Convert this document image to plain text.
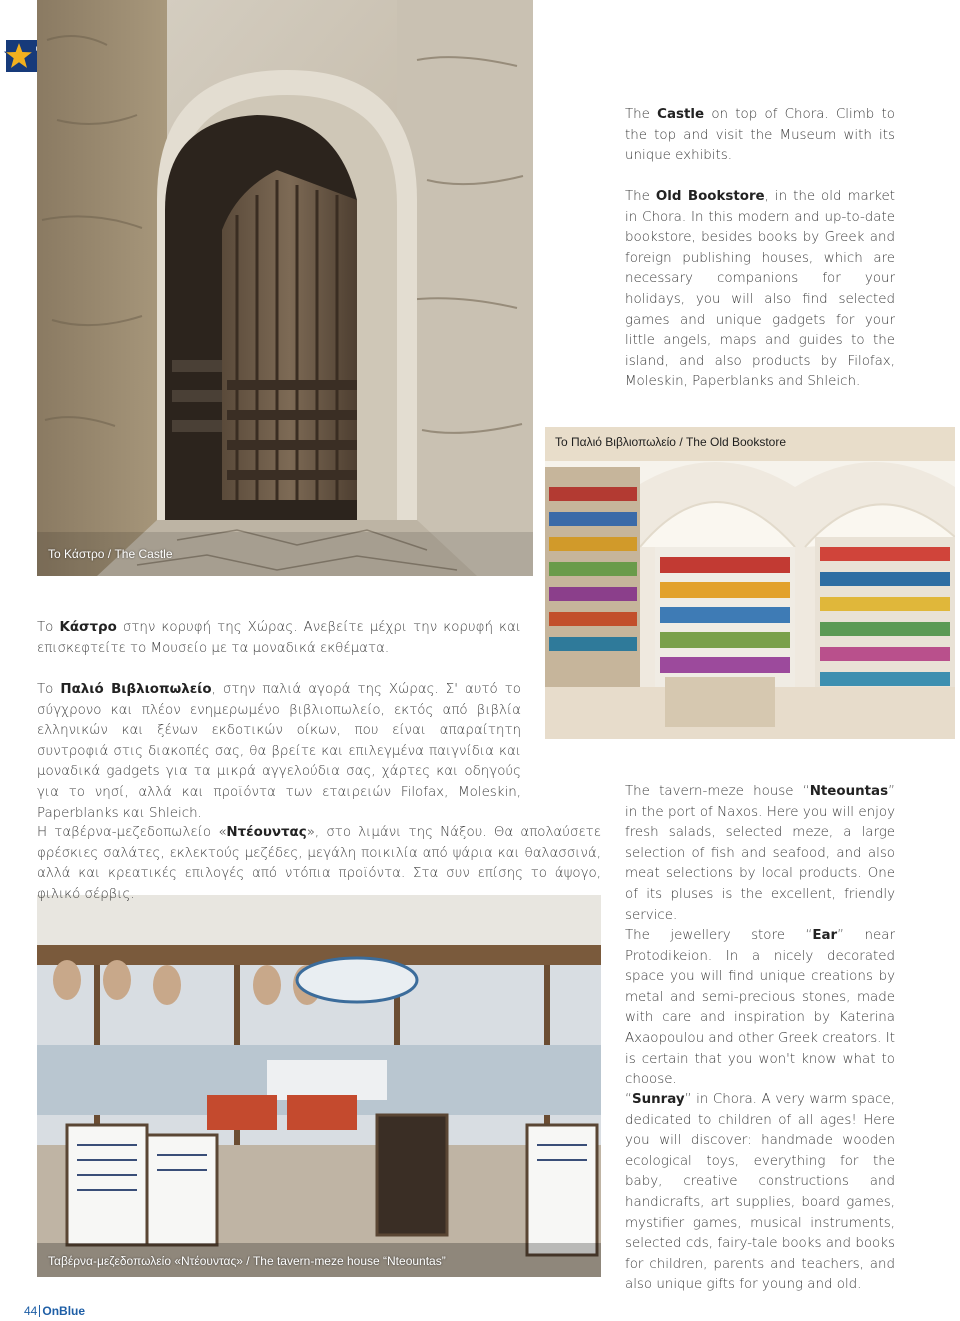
Το Κάστρο / The Castle
Το Παλιό Βιβλιοπωλείο / The Old Bookstore
Ταβέρνα-μεζεδοπωλείο «Ντέουντας» / The tavern-meze house “Nteountas”
The Castle on top of Chora. Climb to the top and visit the Museum with its unique exhibits.
The Old Bookstore, in the old market in Chora. In this modern and up-to-date bookstore, besides books by Greek and foreign publishing houses, which are necessary companions for your holidays, you will also find selected games and unique gadgets for your little angels, maps and guides to the island, and also products by Filofax, Moleskin, Paperblanks and Shleich.
The tavern-meze house “Nteountas” in the port of Naxos. Here you will enjoy fresh salads, selected meze, a large selection of fish and seafood, and also meat selections by local products. One of its pluses is the excellent, friendly service.
The jewellery store “Ear” near Protodikeion. In a nicely decorated space you will find unique creations by metal and semi-precious stones, made with care and inspiration by Katerina Axaopoulou and other Greek creators. It is certain that you won't know what to choose.
“Sunray” in Chora. A very warm space, dedicated to children of all ages! Here you will discover: handmade wooden ecological toys, everything for the baby, creative constructions and handicrafts, art supplies, board games, mystifier games, musical instruments, selected cds, fairy-tale books and books for children, parents and teachers, and also unique gifts for young and old.
Το Κάστρο στην κορυφή της Χώρας. Ανεβείτε μέχρι την κορυφή και επισκεφτείτε το Μουσείο με τα μοναδικά εκθέματα.
Το Παλιό Βιβλιοπωλείο, στην παλιά αγορά της Χώρας. Σ' αυτό το σύγχρονο και πλέον ενημερωμένο βιβλιοπωλείο, εκτός από βιβλία ελληνικών και ξένων εκδοτικών οίκων, που είναι απαραίτητη συντροφιά στις διακοπές σας, θα βρείτε και επιλεγμένα παιγνίδια και μοναδικά gadgets για τα μικρά αγγελούδια σας, χάρτες και οδηγούς για το νησί, αλλά και προϊόντα των εταιρειών Filofax, Moleskin, Paperblanks και Shleich.
Η ταβέρνα-μεζεδοπωλείο «Ντέουντας», στο λιμάνι της Νάξου. Θα απολαύσετε φρέσκιες σαλάτες, εκλεκτούς μεζέδες, μεγάλη ποικιλία από ψάρια και θαλασσινά, αλλά και κρεατικές επιλογές από ντόπια προϊόντα. Στα συν επίσης το άψογο, φιλικό σέρβις.
44 OnBlue
